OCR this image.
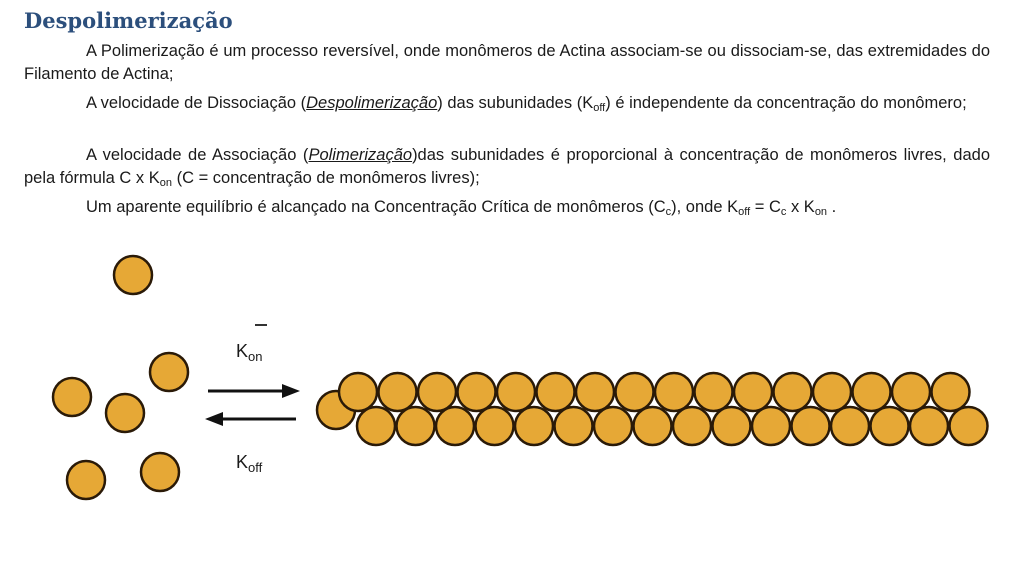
Despolimerização

A Polimerização é um processo reversível, onde monômeros de Actina associam-se ou dissociam-se, das extremidades do Filamento de Actina;

A velocidade de Dissociação (Despolimerização) das subunidades $(K_{off})$ é independente da concentração do monômero;

A velocidade de Associação (Polimerização)das subunidades é proporcional à concentração de monômeros livres, dado pela fórmula C x $K_{on}$ (C = concentração de monômeros livres);

Um aparente equilíbrio é alcançado na Concentração Crítica de monômeros $(C_c)$, onde $K_{off} = C_c$ x $K_{on}$ .

$K_{on}$
$K_{off}$
